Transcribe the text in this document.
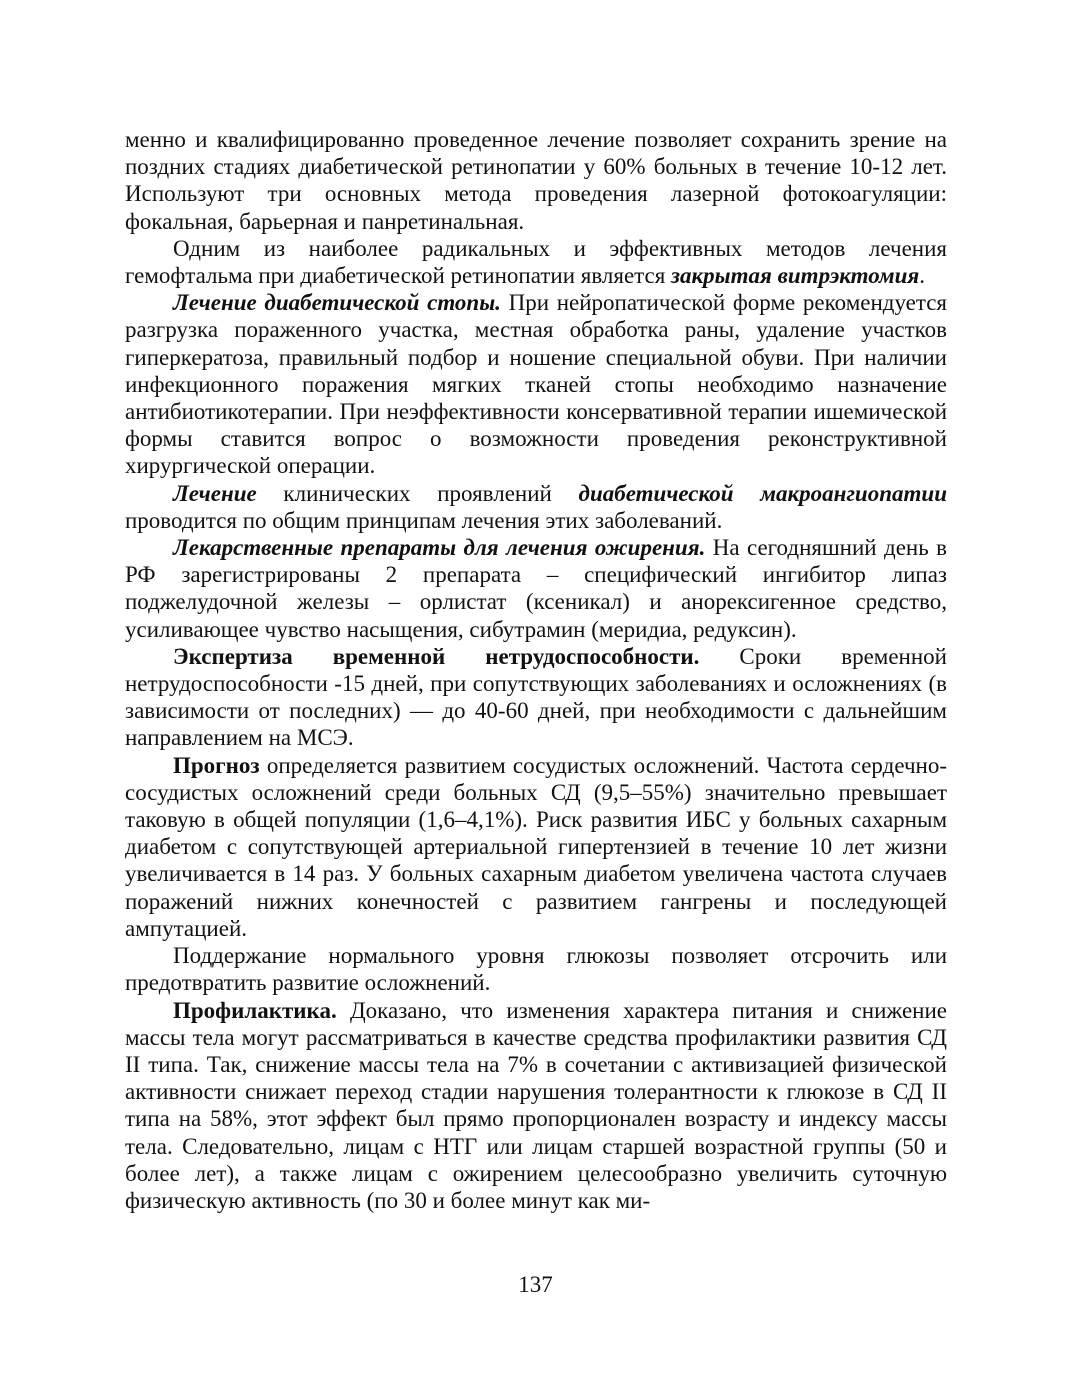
менно и квалифицированно проведенное лечение позволяет сохранить зрение на поздних стадиях диабетической ретинопатии у 60% больных в течение 10-12 лет. Используют три основных метода проведения лазерной фотокоагуляции: фокальная, барьерная и панретинальная.

Одним из наиболее радикальных и эффективных методов лечения гемофтальма при диабетической ретинопатии является закрытая витрэктомия.

Лечение диабетической стопы. При нейропатической форме рекомендуется разгрузка пораженного участка, местная обработка раны, удаление участков гиперкератоза, правильный подбор и ношение специальной обуви. При наличии инфекционного поражения мягких тканей стопы необходимо назначение антибиотикотерапии. При неэффективности консервативной терапии ишемической формы ставится вопрос о возможности проведения реконструктивной хирургической операции.

Лечение клинических проявлений диабетической макроангиопатии проводится по общим принципам лечения этих заболеваний.

Лекарственные препараты для лечения ожирения. На сегодняшний день в РФ зарегистрированы 2 препарата – специфический ингибитор липаз поджелудочной железы – орлистат (ксеникал) и анорексигенное средство, усиливающее чувство насыщения, сибутрамин (меридиа, редуксин).

Экспертиза временной нетрудоспособности. Сроки временной нетрудоспособности -15 дней, при сопутствующих заболеваниях и осложнениях (в зависимости от последних) — до 40-60 дней, при необходимости с дальнейшим направлением на МСЭ.

Прогноз определяется развитием сосудистых осложнений. Частота сердечно-сосудистых осложнений среди больных СД (9,5–55%) значительно превышает таковую в общей популяции (1,6–4,1%). Риск развития ИБС у больных сахарным диабетом с сопутствующей артериальной гипертензией в течение 10 лет жизни увеличивается в 14 раз. У больных сахарным диабетом увеличена частота случаев поражений нижних конечностей с развитием гангрены и последующей ампутацией.

Поддержание нормального уровня глюкозы позволяет отсрочить или предотвратить развитие осложнений.

Профилактика. Доказано, что изменения характера питания и снижение массы тела могут рассматриваться в качестве средства профилактики развития СД II типа. Так, снижение массы тела на 7% в сочетании с активизацией физической активности снижает переход стадии нарушения толерантности к глюкозе в СД II типа на 58%, этот эффект был прямо пропорционален возрасту и индексу массы тела. Следовательно, лицам с НТГ или лицам старшей возрастной группы (50 и более лет), а также лицам с ожирением целесообразно увеличить суточную физическую активность (по 30 и более минут как ми-

137
